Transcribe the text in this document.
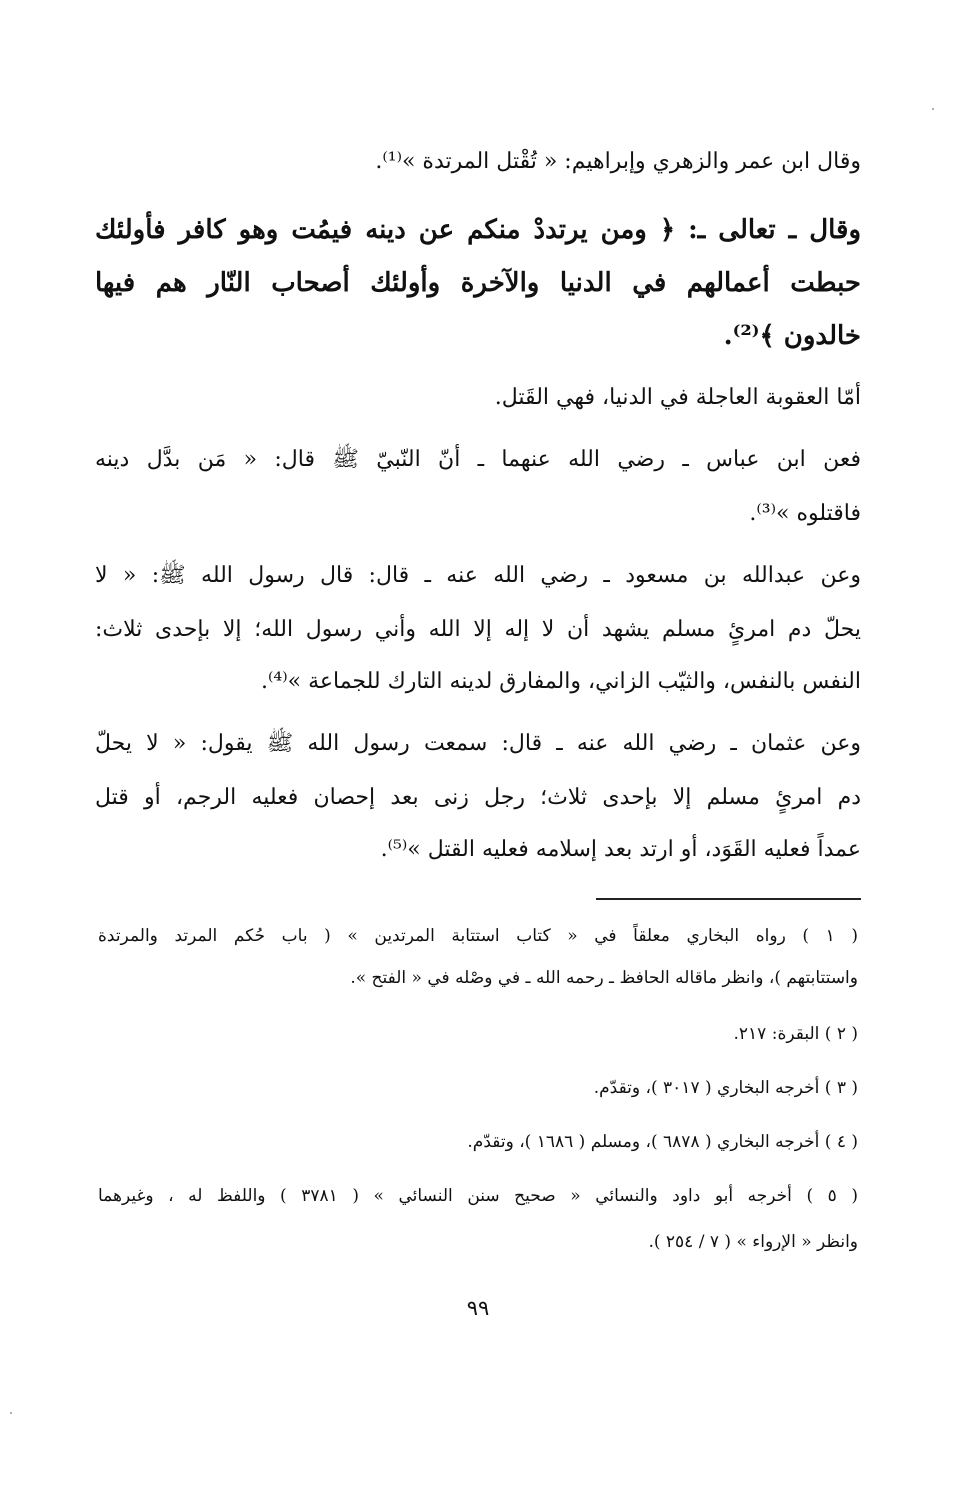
وقال ابن عمر والزهري وإبراهيم: « تُقْتل المرتدة »⁽¹⁾.
وقال ـ تعالى ـ: ﴿ ومن يرتددْ منكم عن دينه فيمُت وهو كافر فأولئك
حبطت أعمالهم في الدنيا والآخرة وأولئك أصحاب النّار هم فيها
خالدون ﴾⁽²⁾.
أمّا العقوبة العاجلة في الدنيا، فهي القَتل.
فعن ابن عباس ـ رضي الله عنهما ـ أنّ النّبيّ ﷺ قال: « مَن بدَّل دينه
فاقتلوه »⁽³⁾.
وعن عبدالله بن مسعود ـ رضي الله عنه ـ قال: قال رسول الله ﷺ: « لا
يحلّ دم امرئٍ مسلم يشهد أن لا إله إلا الله وأني رسول الله؛ إلا بإحدى ثلاث:
النفس بالنفس، والثيّب الزاني، والمفارق لدينه التارك للجماعة »⁽⁴⁾.
وعن عثمان ـ رضي الله عنه ـ قال: سمعت رسول الله ﷺ يقول: « لا يحلّ
دم امرئٍ مسلم إلا بإحدى ثلاث؛ رجل زنى بعد إحصان فعليه الرجم، أو قتل
عمداً فعليه القَوَد، أو ارتد بعد إسلامه فعليه القتل »⁽⁵⁾.
( ١ ) رواه البخاري معلقاً في « كتاب استتابة المرتدين » ( باب حُكم المرتد والمرتدة
واستتابتهم )، وانظر ماقاله الحافظ ـ رحمه الله ـ في وصْله في « الفتح ».
( ٢ ) البقرة: ٢١٧.
( ٣ ) أخرجه البخاري ( ٣٠١٧ )، وتقدّم.
( ٤ ) أخرجه البخاري ( ٦٨٧٨ )، ومسلم ( ١٦٨٦ )، وتقدّم.
( ٥ ) أخرجه أبو داود والنسائي « صحيح سنن النسائي » ( ٣٧٨١ ) واللفظ له ، وغيرهما
وانظر « الإرواء » ( ٧ / ٢٥٤ ).
٩٩
